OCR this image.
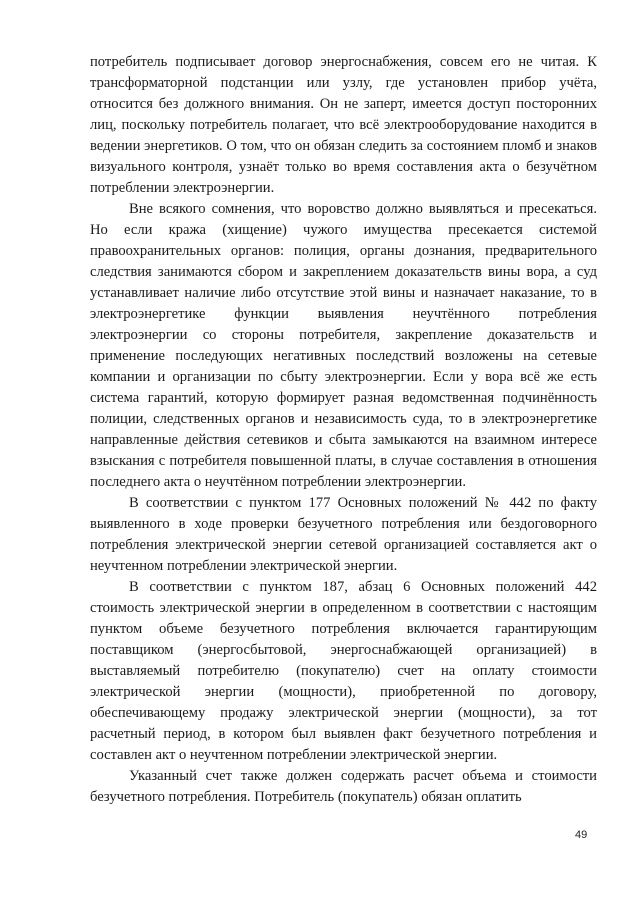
потребитель подписывает договор энергоснабжения, совсем его не читая. К трансформаторной подстанции или узлу, где установлен прибор учёта, относится без должного внимания. Он не заперт, имеется доступ посторонних лиц, поскольку потребитель полагает, что всё электрооборудование находится в ведении энергетиков. О том, что он обязан следить за состоянием пломб и знаков визуального контроля, узнаёт только во время составления акта о безучётном потреблении электроэнергии.

Вне всякого сомнения, что воровство должно выявляться и пресекаться. Но если кража (хищение) чужого имущества пресекается системой правоохранительных органов: полиция, органы дознания, предварительного следствия занимаются сбором и закреплением доказательств вины вора, а суд устанавливает наличие либо отсутствие этой вины и назначает наказание, то в электроэнергетике функции выявления неучтённого потребления электроэнергии со стороны потребителя, закрепление доказательств и применение последующих негативных последствий возложены на сетевые компании и организации по сбыту электроэнергии. Если у вора всё же есть система гарантий, которую формирует разная ведомственная подчинённость полиции, следственных органов и независимость суда, то в электроэнергетике направленные действия сетевиков и сбыта замыкаются на взаимном интересе взыскания с потребителя повышенной платы, в случае составления в отношения последнего акта о неучтённом потреблении электроэнергии.

В соответствии с пунктом 177 Основных положений № 442 по факту выявленного в ходе проверки безучетного потребления или бездоговорного потребления электрической энергии сетевой организацией составляется акт о неучтенном потреблении электрической энергии.

В соответствии с пунктом 187, абзац 6 Основных положений 442 стоимость электрической энергии в определенном в соответствии с настоящим пунктом объеме безучетного потребления включается гарантирующим поставщиком (энергосбытовой, энергоснабжающей организацией) в выставляемый потребителю (покупателю) счет на оплату стоимости электрической энергии (мощности), приобретенной по договору, обеспечивающему продажу электрической энергии (мощности), за тот расчетный период, в котором был выявлен факт безучетного потребления и составлен акт о неучтенном потреблении электрической энергии.

Указанный счет также должен содержать расчет объема и стоимости безучетного потребления. Потребитель (покупатель) обязан оплатить

49
